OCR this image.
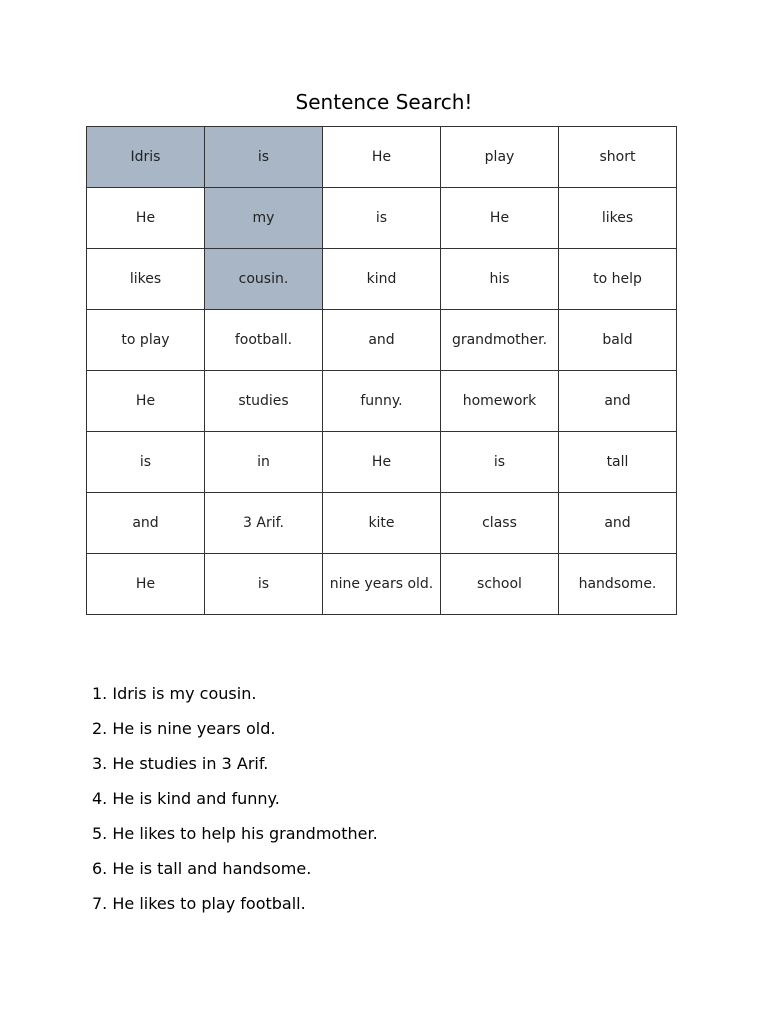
Sentence Search!
Idris	is	He	play	short
He	my	is	He	likes
likes	cousin.	kind	his	to help
to play	football.	and	grandmother.	bald
He	studies	funny.	homework	and
is	in	He	is	tall
and	3 Arif.	kite	class	and
He	is	nine years old.	school	handsome.
1. Idris is my cousin.
2. He is nine years old.
3. He studies in 3 Arif.
4. He is kind and funny.
5. He likes to help his grandmother.
6. He is tall and handsome.
7. He likes to play football.
